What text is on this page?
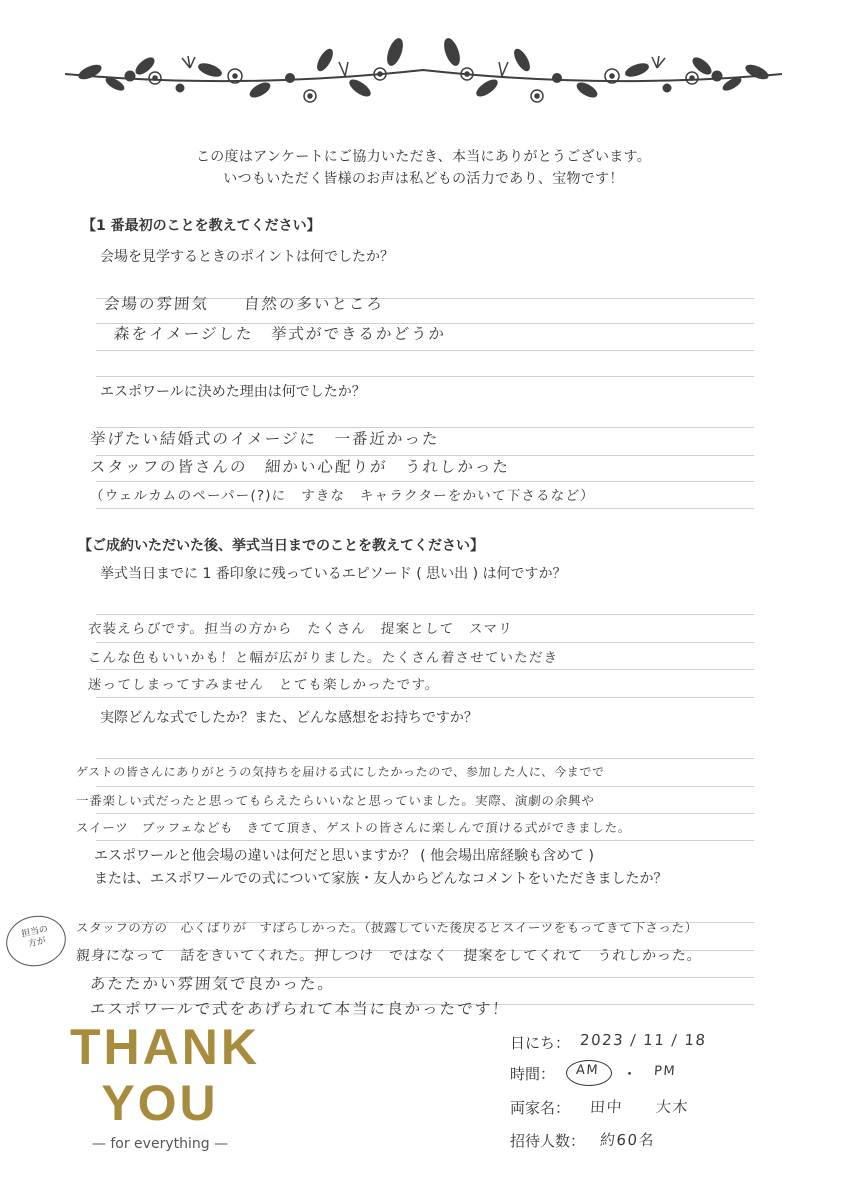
この度はアンケートにご協力いただき、本当にありがとうございます。
いつもいただく皆様のお声は私どもの活力であり、宝物です！
【1 番最初のことを教えてください】
会場を見学するときのポイントは何でしたか？
会場の雰囲気　　自然の多いところ
森をイメージした　挙式ができるかどうか
エスポワールに決めた理由は何でしたか？
挙げたい結婚式のイメージに　一番近かった
スタッフの皆さんの　細かい心配りが　うれしかった
（ウェルカムのペーパー(?)に　すきな　キャラクターをかいて下さるなど）
【ご成約いただいた後、挙式当日までのことを教えてください】
挙式当日までに 1 番印象に残っているエピソード ( 思い出 ) は何ですか？
衣装えらびです。担当の方から　たくさん　提案として　スマリ
こんな色もいいかも！と幅が広がりました。たくさん着させていただき
迷ってしまってすみません　とても楽しかったです。
実際どんな式でしたか？また、どんな感想をお持ちですか？
ゲストの皆さんにありがとうの気持ちを届ける式にしたかったので、参加した人に、今までで
一番楽しい式だったと思ってもらえたらいいなと思っていました。実際、演劇の余興や
スイーツ　ブッフェなども　きてて頂き、ゲストの皆さんに楽しんで頂ける式ができました。
エスポワールと他会場の違いは何だと思いますか？ ( 他会場出席経験も含めて )
または、エスポワールでの式について家族・友人からどんなコメントをいただきましたか？
担当の
方が
スタッフの方の　心くばりが　すばらしかった。（披露していた後戻るとスイーツをもってきて下さった）
親身になって　話をきいてくれた。押しつけ　ではなく　提案をしてくれて　うれしかった。
あたたかい雰囲気で良かった。
エスポワールで式をあげられて本当に良かったです！
THANK
YOU
— for everything —
日にち： 2023 / 11 / 18
時間： AM ・ PM
両家名： 田中　　大木
招待人数： 約60名
